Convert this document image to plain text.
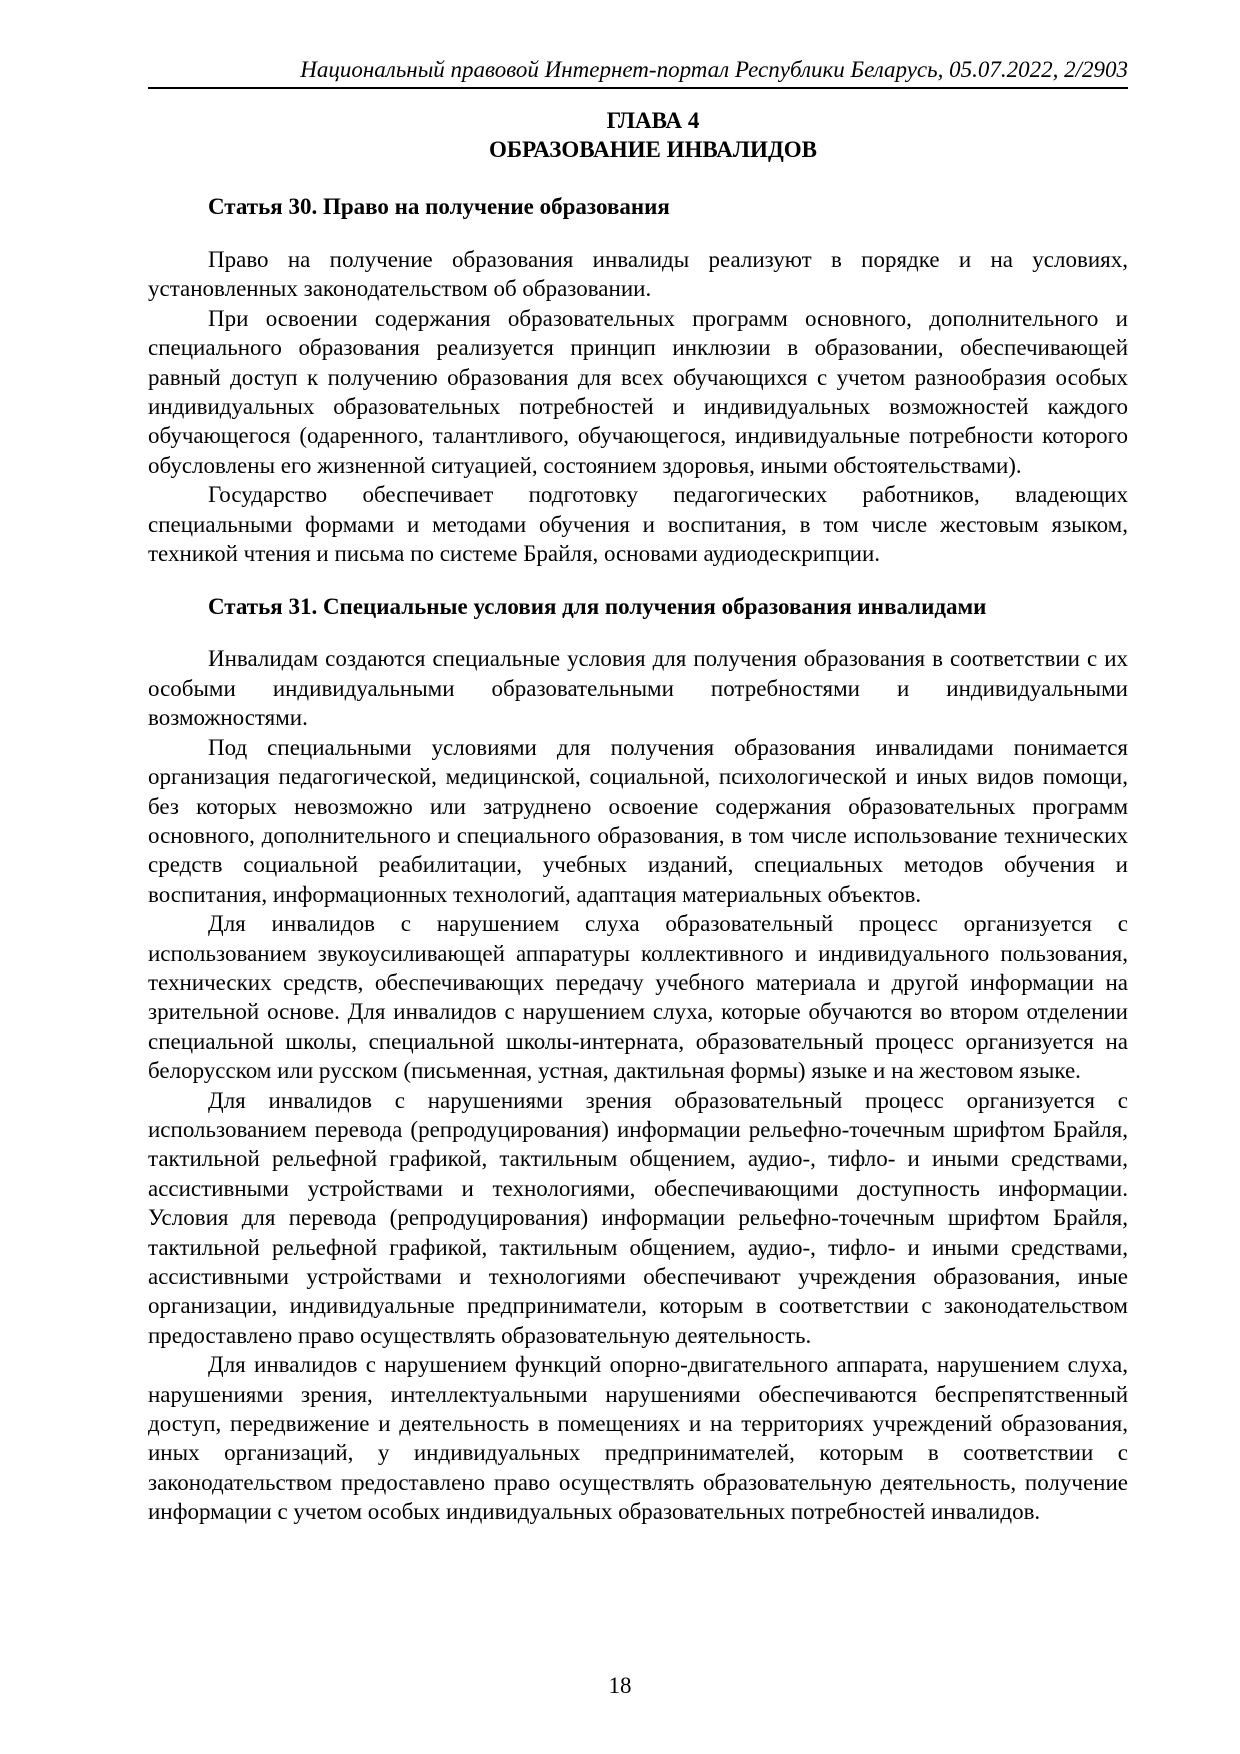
Национальный правовой Интернет-портал Республики Беларусь, 05.07.2022, 2/2903

ГЛАВА 4

ОБРАЗОВАНИЕ ИНВАЛИДОВ

Статья 30. Право на получение образования

Право на получение образования инвалиды реализуют в порядке и на условиях, установленных законодательством об образовании.

При освоении содержания образовательных программ основного, дополнительного и специального образования реализуется принцип инклюзии в образовании, обеспечивающей равный доступ к получению образования для всех обучающихся с учетом разнообразия особых индивидуальных образовательных потребностей и индивидуальных возможностей каждого обучающегося (одаренного, талантливого, обучающегося, индивидуальные потребности которого обусловлены его жизненной ситуацией, состоянием здоровья, иными обстоятельствами).

Государство обеспечивает подготовку педагогических работников, владеющих специальными формами и методами обучения и воспитания, в том числе жестовым языком, техникой чтения и письма по системе Брайля, основами аудиодескрипции.

Статья 31. Специальные условия для получения образования инвалидами

Инвалидам создаются специальные условия для получения образования в соответствии с их особыми индивидуальными образовательными потребностями и индивидуальными возможностями.

Под специальными условиями для получения образования инвалидами понимается организация педагогической, медицинской, социальной, психологической и иных видов помощи, без которых невозможно или затруднено освоение содержания образовательных программ основного, дополнительного и специального образования, в том числе использование технических средств социальной реабилитации, учебных изданий, специальных методов обучения и воспитания, информационных технологий, адаптация материальных объектов.

Для инвалидов с нарушением слуха образовательный процесс организуется с использованием звукоусиливающей аппаратуры коллективного и индивидуального пользования, технических средств, обеспечивающих передачу учебного материала и другой информации на зрительной основе. Для инвалидов с нарушением слуха, которые обучаются во втором отделении специальной школы, специальной школы-интерната, образовательный процесс организуется на белорусском или русском (письменная, устная, дактильная формы) языке и на жестовом языке.

Для инвалидов с нарушениями зрения образовательный процесс организуется с использованием перевода (репродуцирования) информации рельефно-точечным шрифтом Брайля, тактильной рельефной графикой, тактильным общением, аудио-, тифло- и иными средствами, ассистивными устройствами и технологиями, обеспечивающими доступность информации. Условия для перевода (репродуцирования) информации рельефно-точечным шрифтом Брайля, тактильной рельефной графикой, тактильным общением, аудио-, тифло- и иными средствами, ассистивными устройствами и технологиями обеспечивают учреждения образования, иные организации, индивидуальные предприниматели, которым в соответствии с законодательством предоставлено право осуществлять образовательную деятельность.

Для инвалидов с нарушением функций опорно-двигательного аппарата, нарушением слуха, нарушениями зрения, интеллектуальными нарушениями обеспечиваются беспрепятственный доступ, передвижение и деятельность в помещениях и на территориях учреждений образования, иных организаций, у индивидуальных предпринимателей, которым в соответствии с законодательством предоставлено право осуществлять образовательную деятельность, получение информации с учетом особых индивидуальных образовательных потребностей инвалидов.

18
